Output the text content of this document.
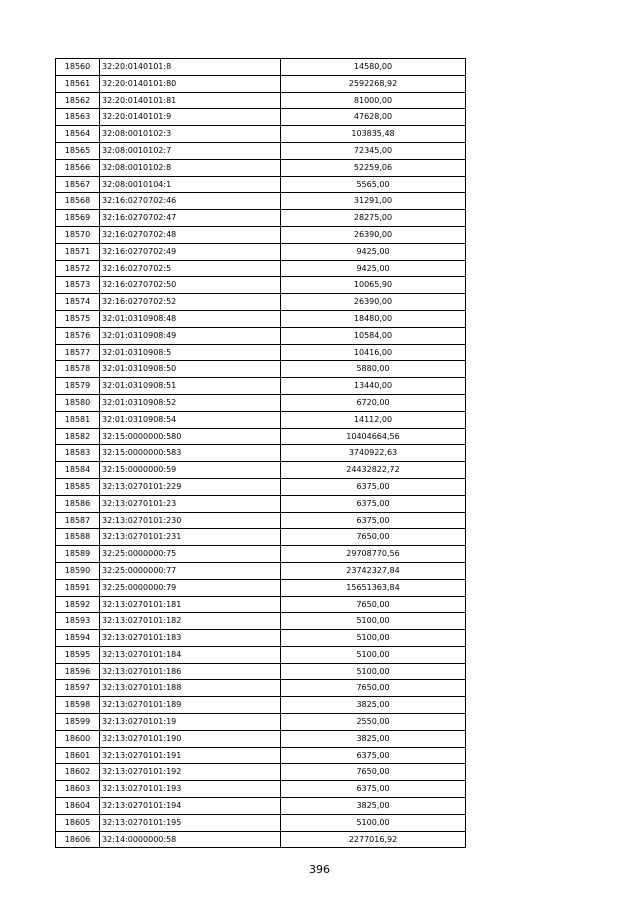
18560	32:20:0140101:8	14580,00
18561	32:20:0140101:80	2592268,92
18562	32:20:0140101:81	81000,00
18563	32:20:0140101:9	47628,00
18564	32:08:0010102:3	103835,48
18565	32:08:0010102:7	72345,00
18566	32:08:0010102:8	52259,06
18567	32:08:0010104:1	5565,00
18568	32:16:0270702:46	31291,00
18569	32:16:0270702:47	28275,00
18570	32:16:0270702:48	26390,00
18571	32:16:0270702:49	9425,00
18572	32:16:0270702:5	9425,00
18573	32:16:0270702:50	10065,90
18574	32:16:0270702:52	26390,00
18575	32:01:0310908:48	18480,00
18576	32:01:0310908:49	10584,00
18577	32:01:0310908:5	10416,00
18578	32:01:0310908:50	5880,00
18579	32:01:0310908:51	13440,00
18580	32:01:0310908:52	6720,00
18581	32:01:0310908:54	14112,00
18582	32:15:0000000:580	10404664,56
18583	32:15:0000000:583	3740922,63
18584	32:15:0000000:59	24432822,72
18585	32:13:0270101:229	6375,00
18586	32:13:0270101:23	6375,00
18587	32:13:0270101:230	6375,00
18588	32:13:0270101:231	7650,00
18589	32:25:0000000:75	29708770,56
18590	32:25:0000000:77	23742327,84
18591	32:25:0000000:79	15651363,84
18592	32:13:0270101:181	7650,00
18593	32:13:0270101:182	5100,00
18594	32:13:0270101:183	5100,00
18595	32:13:0270101:184	5100,00
18596	32:13:0270101:186	5100,00
18597	32:13:0270101:188	7650,00
18598	32:13:0270101:189	3825,00
18599	32:13:0270101:19	2550,00
18600	32:13:0270101:190	3825,00
18601	32:13:0270101:191	6375,00
18602	32:13:0270101:192	7650,00
18603	32:13:0270101:193	6375,00
18604	32:13:0270101:194	3825,00
18605	32:13:0270101:195	5100,00
18606	32:14:0000000:58	2277016,92
396
